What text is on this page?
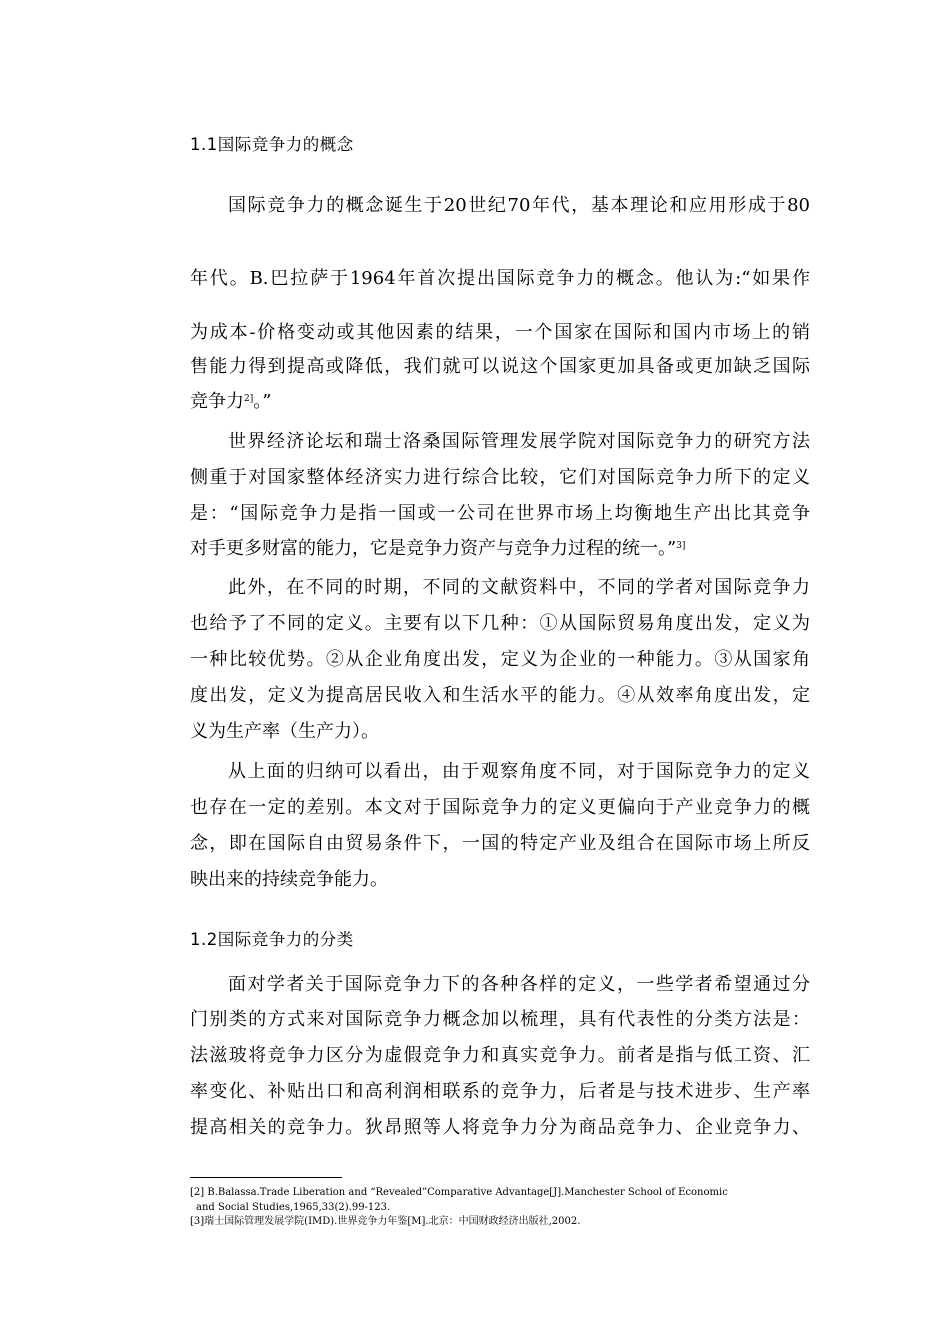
1.1国际竞争力的概念
国际竞争力的概念诞生于20世纪70年代，基本理论和应用形成于80
年代。B.巴拉萨于1964年首次提出国际竞争力的概念。他认为:“如果作
为成本-价格变动或其他因素的结果，一个国家在国际和国内市场上的销
售能力得到提高或降低，我们就可以说这个国家更加具备或更加缺乏国际
竞争力$^{2]}$。”
世界经济论坛和瑞士洛桑国际管理发展学院对国际竞争力的研究方法
侧重于对国家整体经济实力进行综合比较，它们对国际竞争力所下的定义
是：“国际竞争力是指一国或一公司在世界市场上均衡地生产出比其竞争
对手更多财富的能力，它是竞争力资产与竞争力过程的统一。”$^{3]}$
此外，在不同的时期，不同的文献资料中，不同的学者对国际竞争力
也给予了不同的定义。主要有以下几种：①从国际贸易角度出发，定义为
一种比较优势。②从企业角度出发，定义为企业的一种能力。③从国家角
度出发，定义为提高居民收入和生活水平的能力。④从效率角度出发，定
义为生产率（生产力）。
从上面的归纳可以看出，由于观察角度不同，对于国际竞争力的定义
也存在一定的差别。本文对于国际竞争力的定义更偏向于产业竞争力的概
念，即在国际自由贸易条件下，一国的特定产业及组合在国际市场上所反
映出来的持续竞争能力。
1.2国际竞争力的分类
面对学者关于国际竞争力下的各种各样的定义，一些学者希望通过分
门别类的方式来对国际竞争力概念加以梳理，具有代表性的分类方法是：
法滋玻将竞争力区分为虚假竞争力和真实竞争力。前者是指与低工资、汇
率变化、补贴出口和高利润相联系的竞争力，后者是与技术进步、生产率
提高相关的竞争力。狄昂照等人将竞争力分为商品竞争力、企业竞争力、
[2] B.Balassa.Trade Liberation and “Revealed”Comparative Advantage[J].Manchester School of Economic
and Social Studies,1965,33(2).99-123.
[3]瑞士国际管理发展学院(IMD).世界竞争力年鉴[M].北京：中国财政经济出版社,2002.
